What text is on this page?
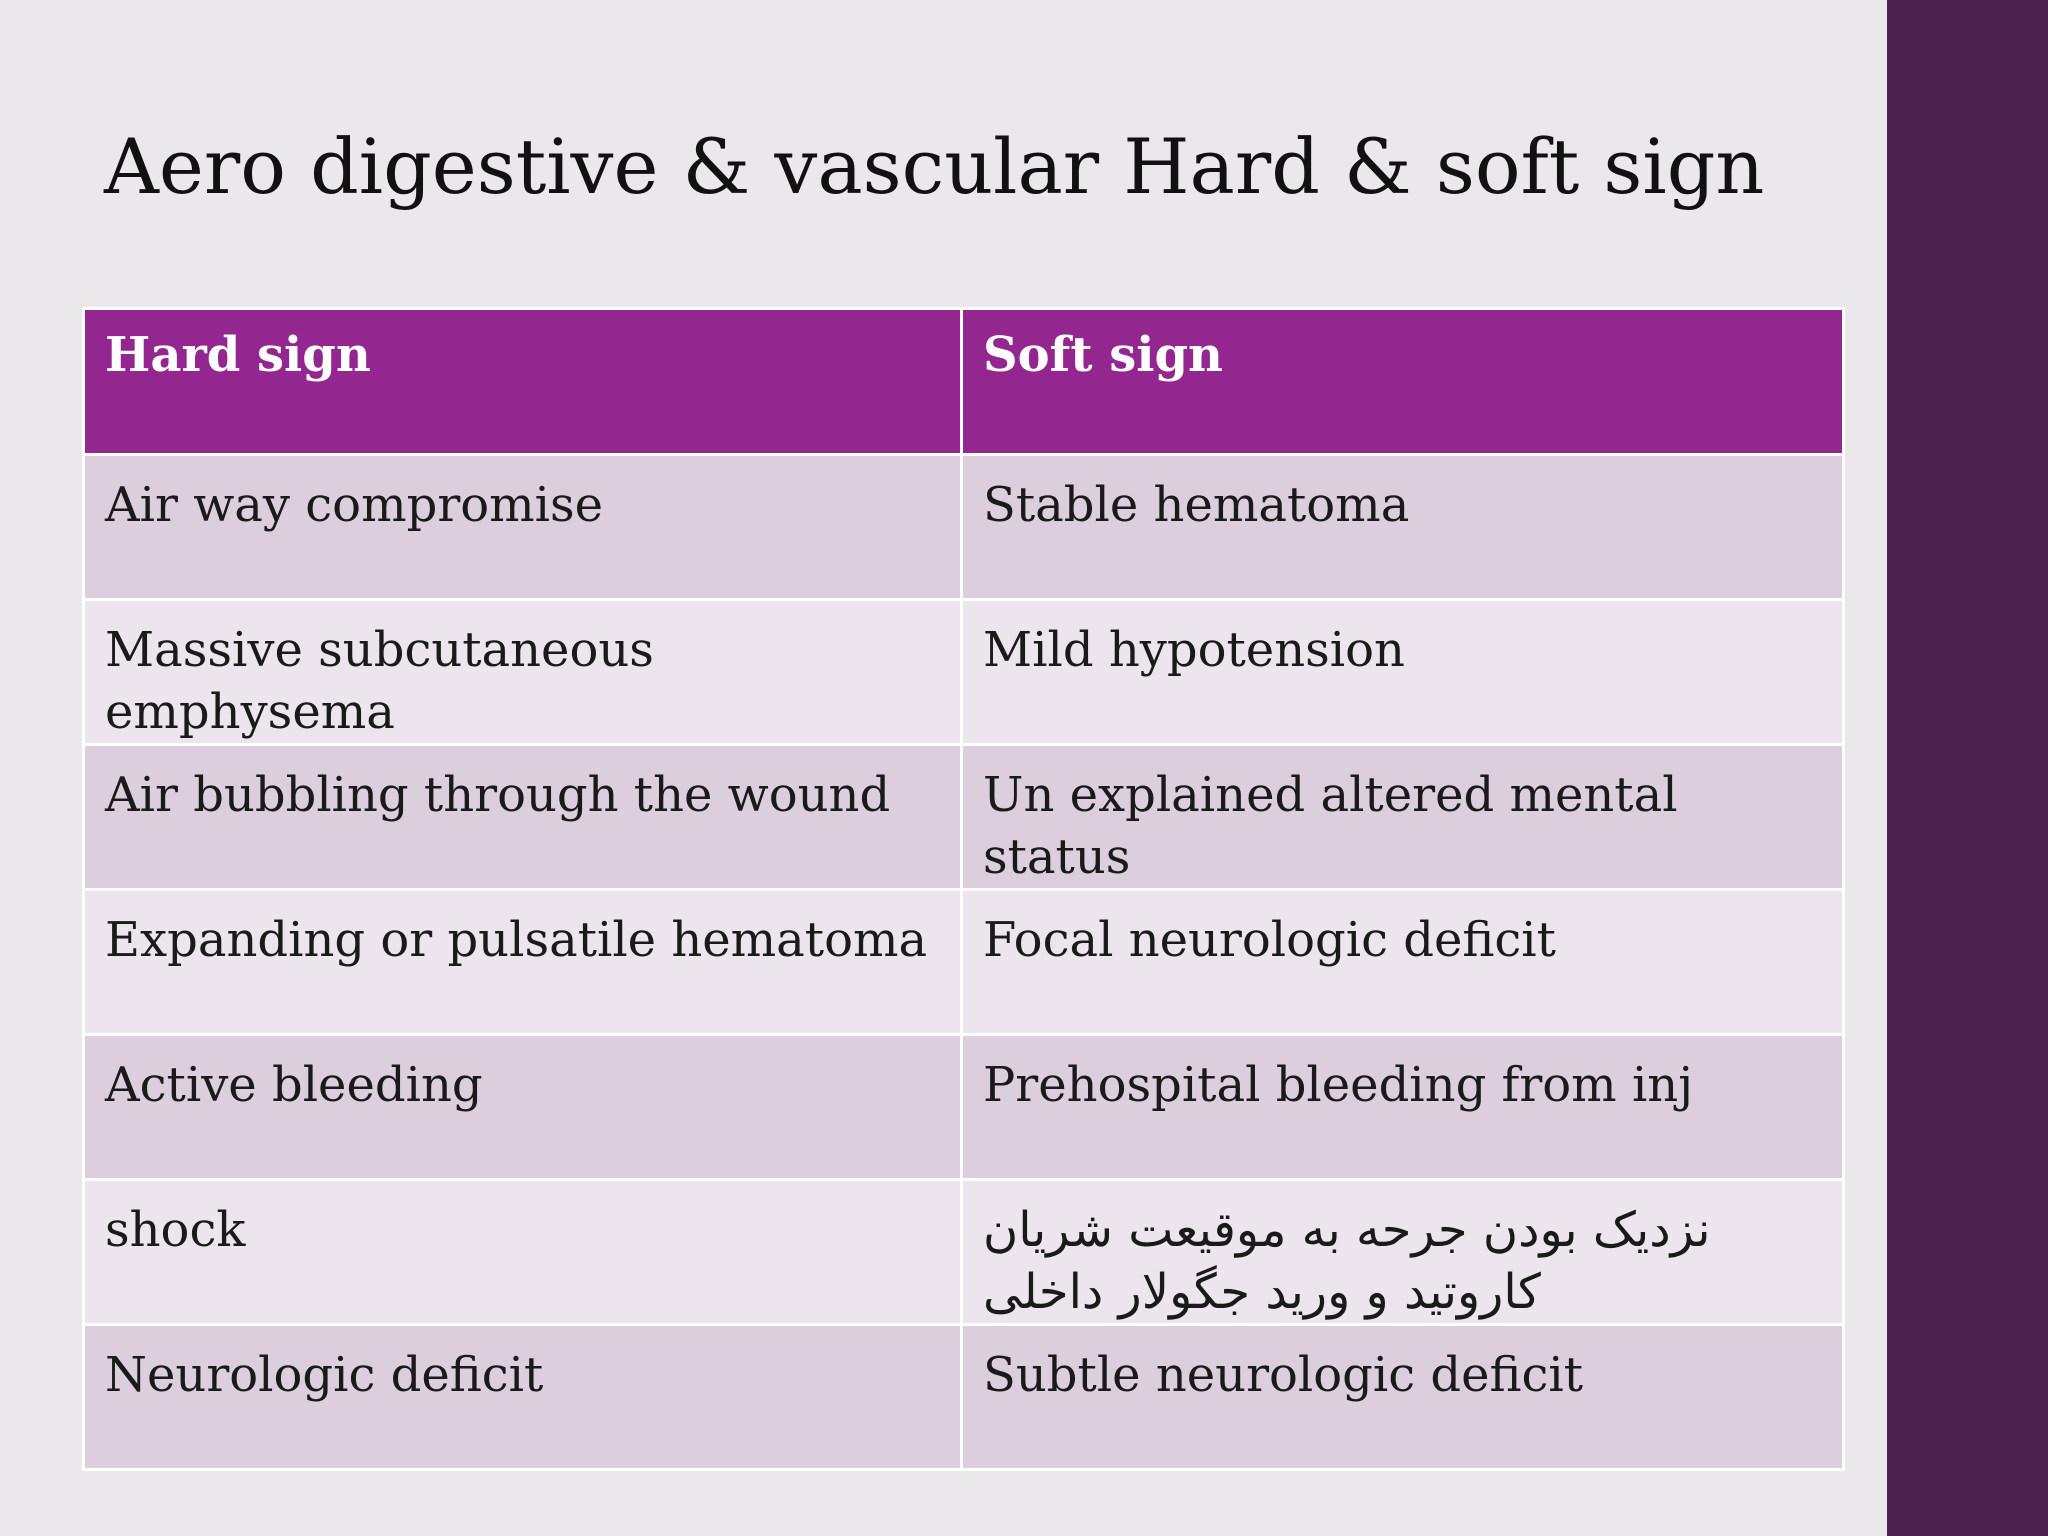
Aero digestive & vascular Hard & soft sign
Hard sign	Soft sign
Air way compromise	Stable hematoma
Massive subcutaneous emphysema	Mild hypotension
Air bubbling through the wound	Un explained altered mental status
Expanding or pulsatile hematoma	Focal neurologic deficit
Active bleeding	Prehospital bleeding from inj
shock	نزدیک بودن جرحه به موقیعت شریان کاروتید و ورید جگولار داخلی
Neurologic deficit	Subtle neurologic deficit
